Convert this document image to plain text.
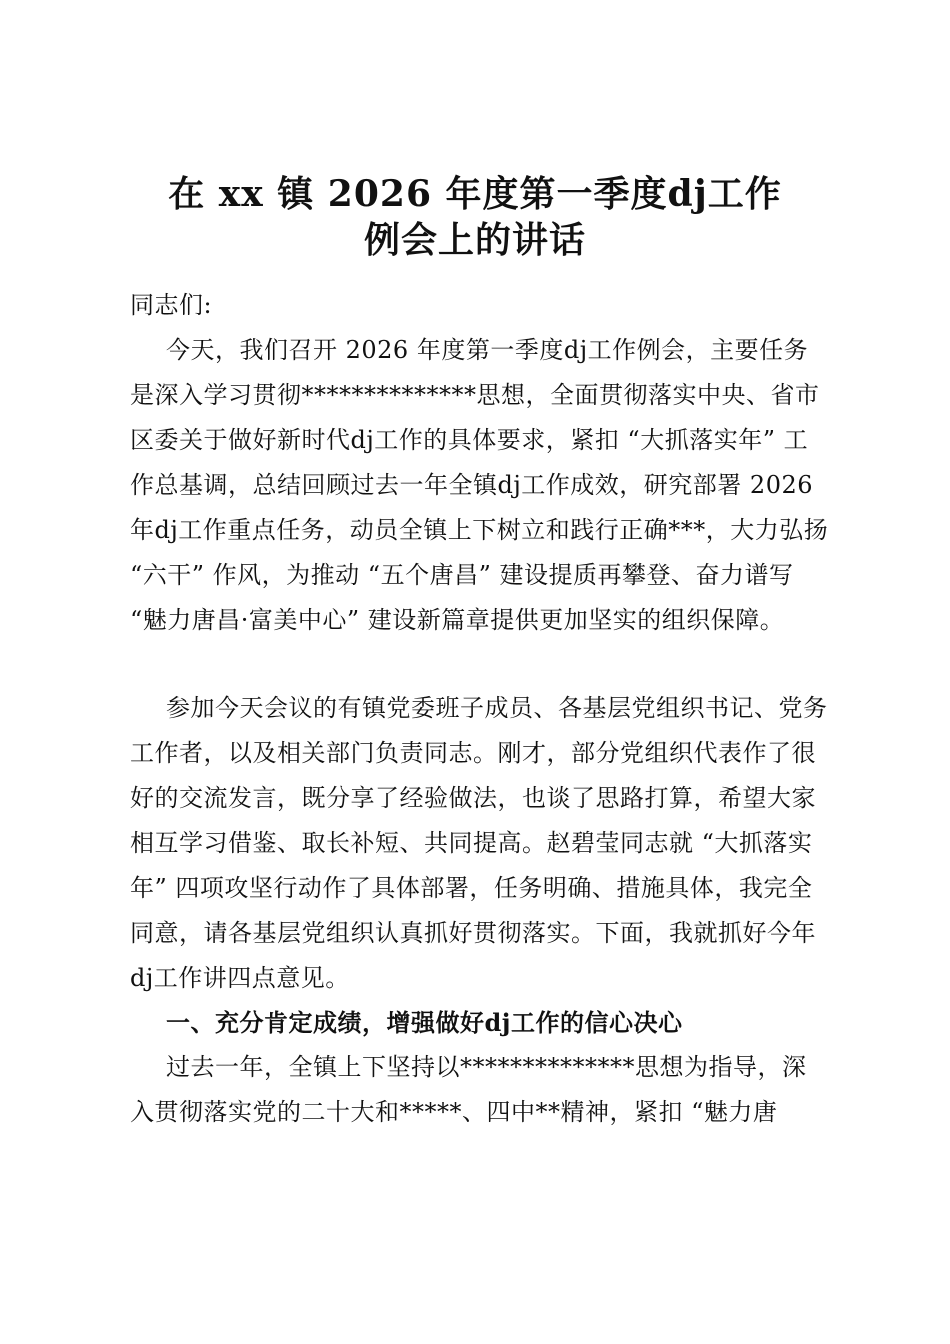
在 xx 镇 2026 年度第一季度dj工作
例会上的讲话
同志们:
今天，我们召开 2026 年度第一季度dj工作例会，主要任务是深入学习贯彻**************思想，全面贯彻落实中央、省市区委关于做好新时代dj工作的具体要求，紧扣 “大抓落实年” 工作总基调，总结回顾过去一年全镇dj工作成效，研究部署 2026 年dj工作重点任务，动员全镇上下树立和践行正确***，大力弘扬 “六干” 作风，为推动 “五个唐昌” 建设提质再攀登、奋力谱写 “魅力唐昌·富美中心” 建设新篇章提供更加坚实的组织保障。
参加今天会议的有镇党委班子成员、各基层党组织书记、党务工作者，以及相关部门负责同志。刚才，部分党组织代表作了很好的交流发言，既分享了经验做法，也谈了思路打算，希望大家相互学习借鉴、取长补短、共同提高。赵碧莹同志就 “大抓落实年” 四项攻坚行动作了具体部署，任务明确、措施具体，我完全同意，请各基层党组织认真抓好贯彻落实。下面，我就抓好今年dj工作讲四点意见。
一、充分肯定成绩，增强做好dj工作的信心决心
过去一年，全镇上下坚持以**************思想为指导，深入贯彻落实党的二十大和*****、四中**精神，紧扣 “魅力唐
